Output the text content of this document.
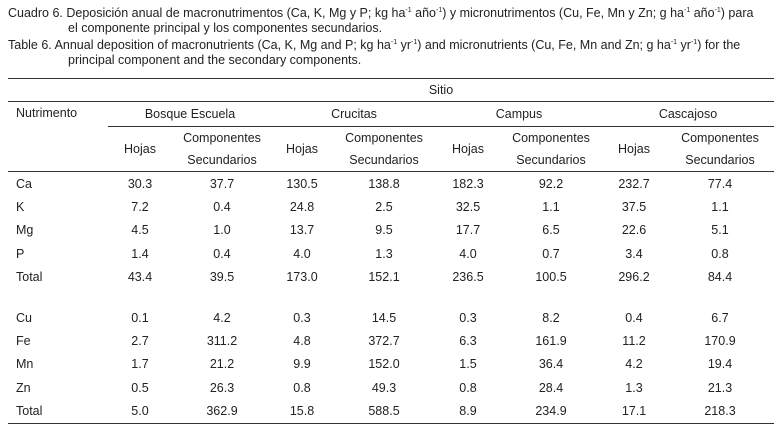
Cuadro 6. Deposición anual de macronutrimentos (Ca, K, Mg y P; kg $ha^{-1}$ año$^{-1}$) y micronutrimentos (Cu, Fe, Mn y Zn; g $ha^{-1}$ año$^{-1}$) para

el componente principal y los componentes secundarios.

Table 6. Annual deposition of macronutrients (Ca, K, Mg and P; kg $ha^{-1}$ $yr^{-1}$) and micronutrients (Cu, Fe, Mn and Zn; g $ha^{-1}$ $yr^{-1}$) for the

principal component and the secondary components.

	Sitio							
Nutrimento	Bosque Escuela		Crucitas		Campus		Cascajoso	
	Hojas	Componentes	Hojas	Componentes	Hojas	Componentes	Hojas	Componentes
		Secundarios		Secundarios		Secundarios		Secundarios
Ca	30.3	37.7	130.5	138.8	182.3	92.2	232.7	77.4
K	7.2	0.4	24.8	2.5	32.5	1.1	37.5	1.1
Mg	4.5	1.0	13.7	9.5	17.7	6.5	22.6	5.1
P	1.4	0.4	4.0	1.3	4.0	0.7	3.4	0.8
Total	43.4	39.5	173.0	152.1	236.5	100.5	296.2	84.4

Cu	0.1	4.2	0.3	14.5	0.3	8.2	0.4	6.7
Fe	2.7	311.2	4.8	372.7	6.3	161.9	11.2	170.9
Mn	1.7	21.2	9.9	152.0	1.5	36.4	4.2	19.4
Zn	0.5	26.3	0.8	49.3	0.8	28.4	1.3	21.3
Total	5.0	362.9	15.8	588.5	8.9	234.9	17.1	218.3
